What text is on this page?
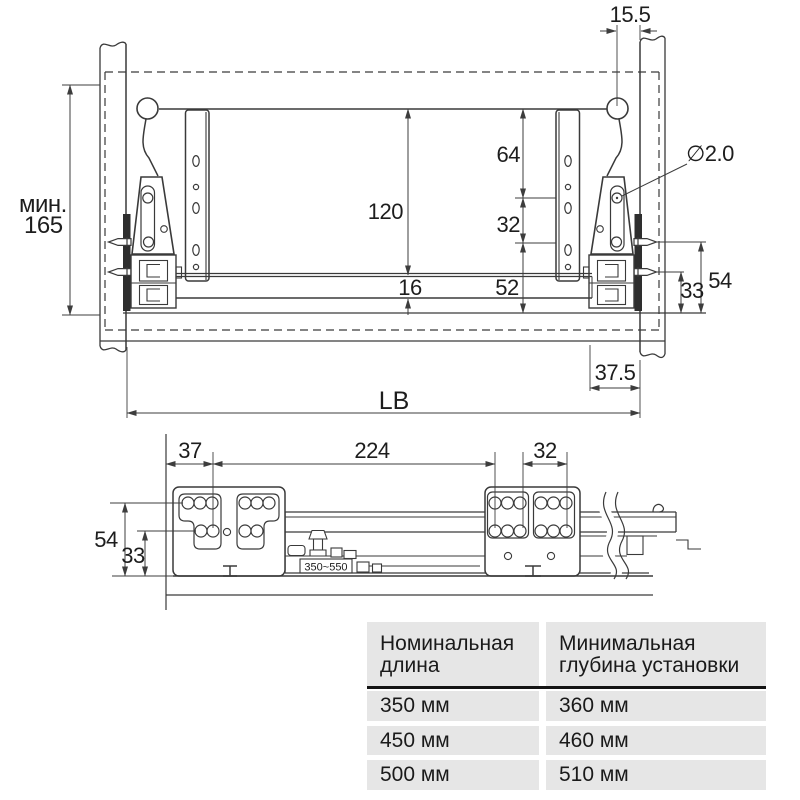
мин.
165
15.5
∅2.0
64
120
32
16	52	33 54
37.5
LB
37	224	32
54
33	350~550
Номинальная
длина
Минимальная
глубина установки
350 мм	360 мм
450 мм	460 мм
500 мм	510 мм
